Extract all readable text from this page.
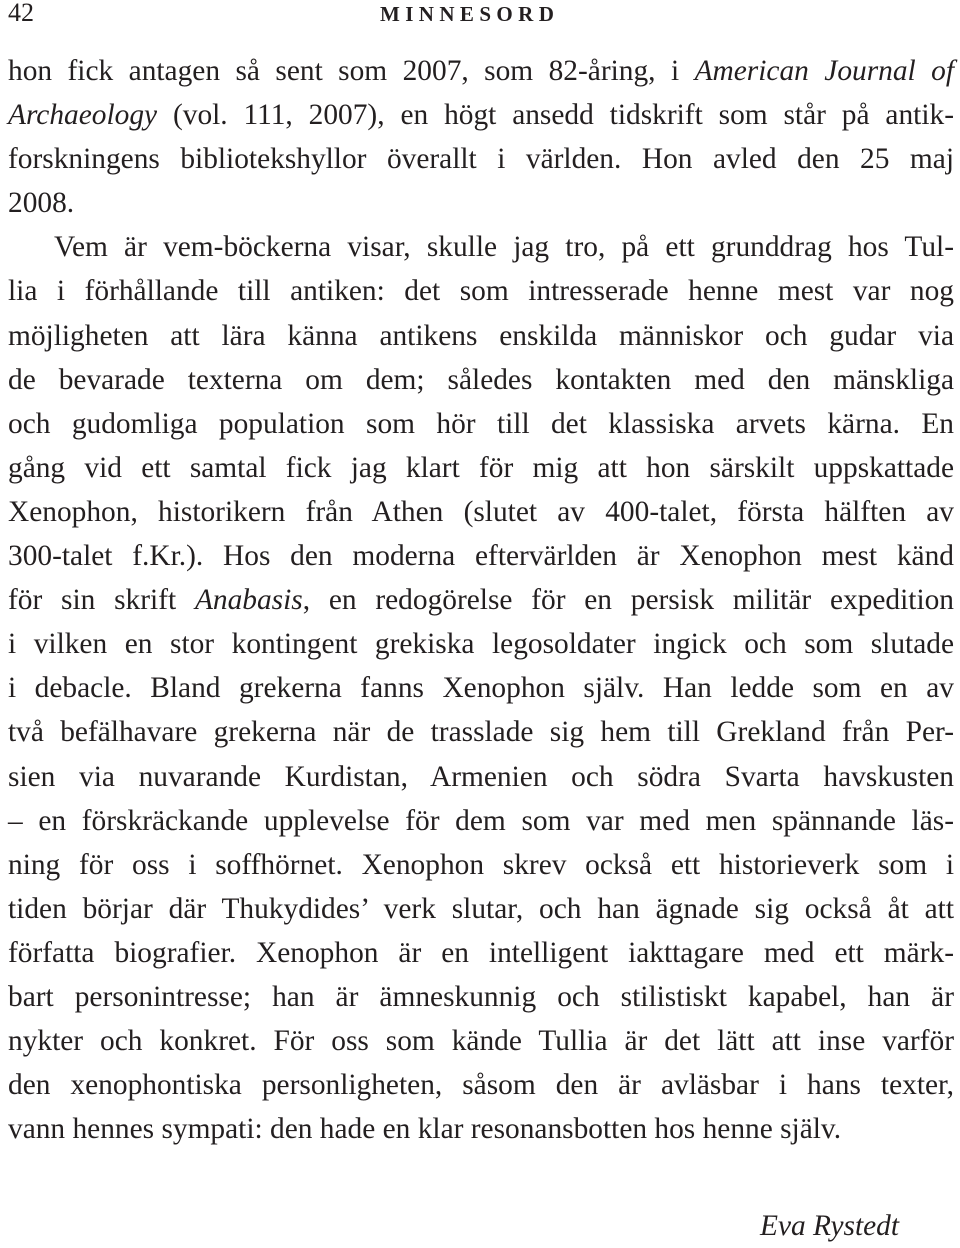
42	MINNESORD
hon fick antagen så sent som 2007, som 82-åring, i American Journal of
Archaeology (vol. 111, 2007), en högt ansedd tidskrift som står på antik-
forskningens bibliotekshyllor överallt i världen. Hon avled den 25 maj
2008.
Vem är vem-böckerna visar, skulle jag tro, på ett grunddrag hos Tul-
lia i förhållande till antiken: det som intresserade henne mest var nog
möjligheten att lära känna antikens enskilda människor och gudar via
de bevarade texterna om dem; således kontakten med den mänskliga
och gudomliga population som hör till det klassiska arvets kärna. En
gång vid ett samtal fick jag klart för mig att hon särskilt uppskattade
Xenophon, historikern från Athen (slutet av 400-talet, första hälften av
300-talet f.Kr.). Hos den moderna eftervärlden är Xenophon mest känd
för sin skrift Anabasis, en redogörelse för en persisk militär expedition
i vilken en stor kontingent grekiska legosoldater ingick och som slutade
i debacle. Bland grekerna fanns Xenophon själv. Han ledde som en av
två befälhavare grekerna när de trasslade sig hem till Grekland från Per-
sien via nuvarande Kurdistan, Armenien och södra Svarta havskusten
– en förskräckande upplevelse för dem som var med men spännande läs-
ning för oss i soffhörnet. Xenophon skrev också ett historieverk som i
tiden börjar där Thukydides’ verk slutar, och han ägnade sig också åt att
författa biografier. Xenophon är en intelligent iakttagare med ett märk-
bart personintresse; han är ämneskunnig och stilistiskt kapabel, han är
nykter och konkret. För oss som kände Tullia är det lätt att inse varför
den xenophontiska personligheten, såsom den är avläsbar i hans texter,
vann hennes sympati: den hade en klar resonansbotten hos henne själv.
Eva Rystedt
